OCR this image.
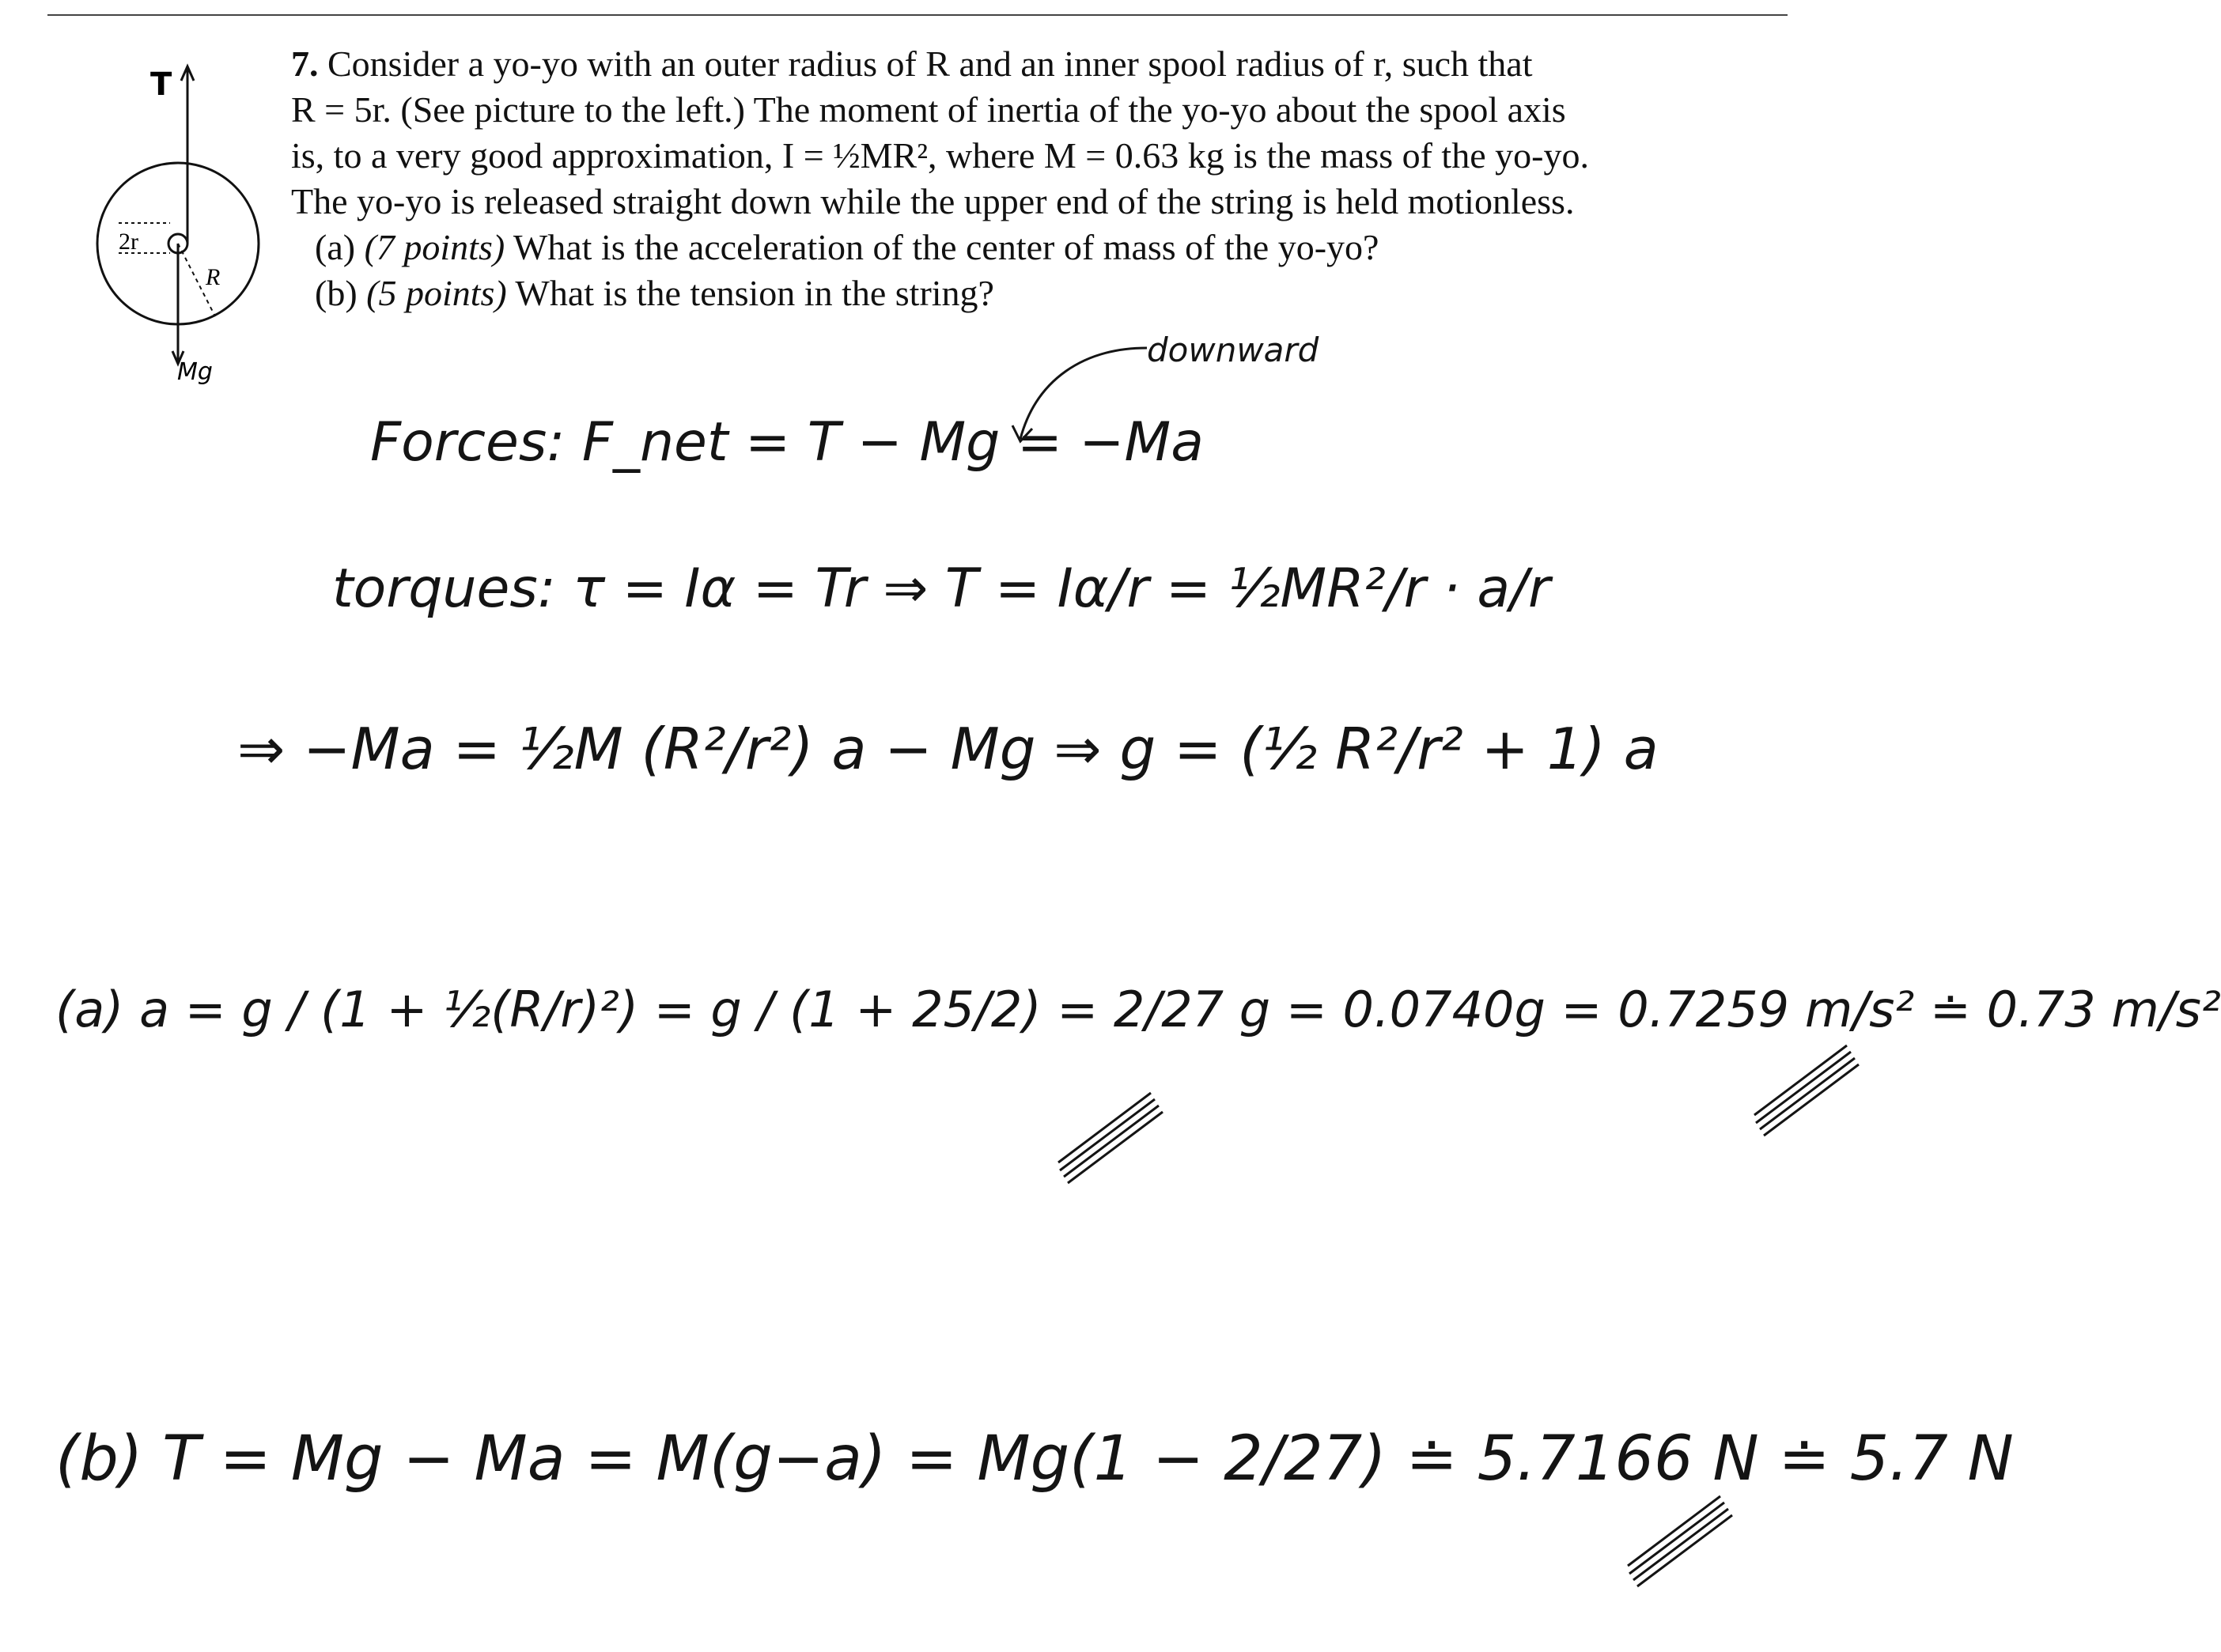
T
Mg
2r
R
7. Consider a yo-yo with an outer radius of R and an inner spool radius of r, such that
R = 5r. (See picture to the left.) The moment of inertia of the yo-yo about the spool axis
is, to a very good approximation, I = ½MR², where M = 0.63 kg is the mass of the yo-yo.
The yo-yo is released straight down while the upper end of the string is held motionless.
(a) (7 points) What is the acceleration of the center of mass of the yo-yo?
(b) (5 points) What is the tension in the string?
downward
Forces: F_net = T − Mg = −Ma
torques: τ = Iα = Tr ⇒ T = Iα/r = ½MR²/r · a/r
⇒ −Ma = ½M (R²/r²) a − Mg ⇒ g = (½ R²/r² + 1) a
(a) a = g / (1 + ½(R/r)²) = g / (1 + 25/2) = 2/27 g = 0.0740g = 0.7259 m/s² ≐ 0.73 m/s²
(b) T = Mg − Ma = M(g−a) = Mg(1 − 2/27) ≐ 5.7166 N ≐ 5.7 N
